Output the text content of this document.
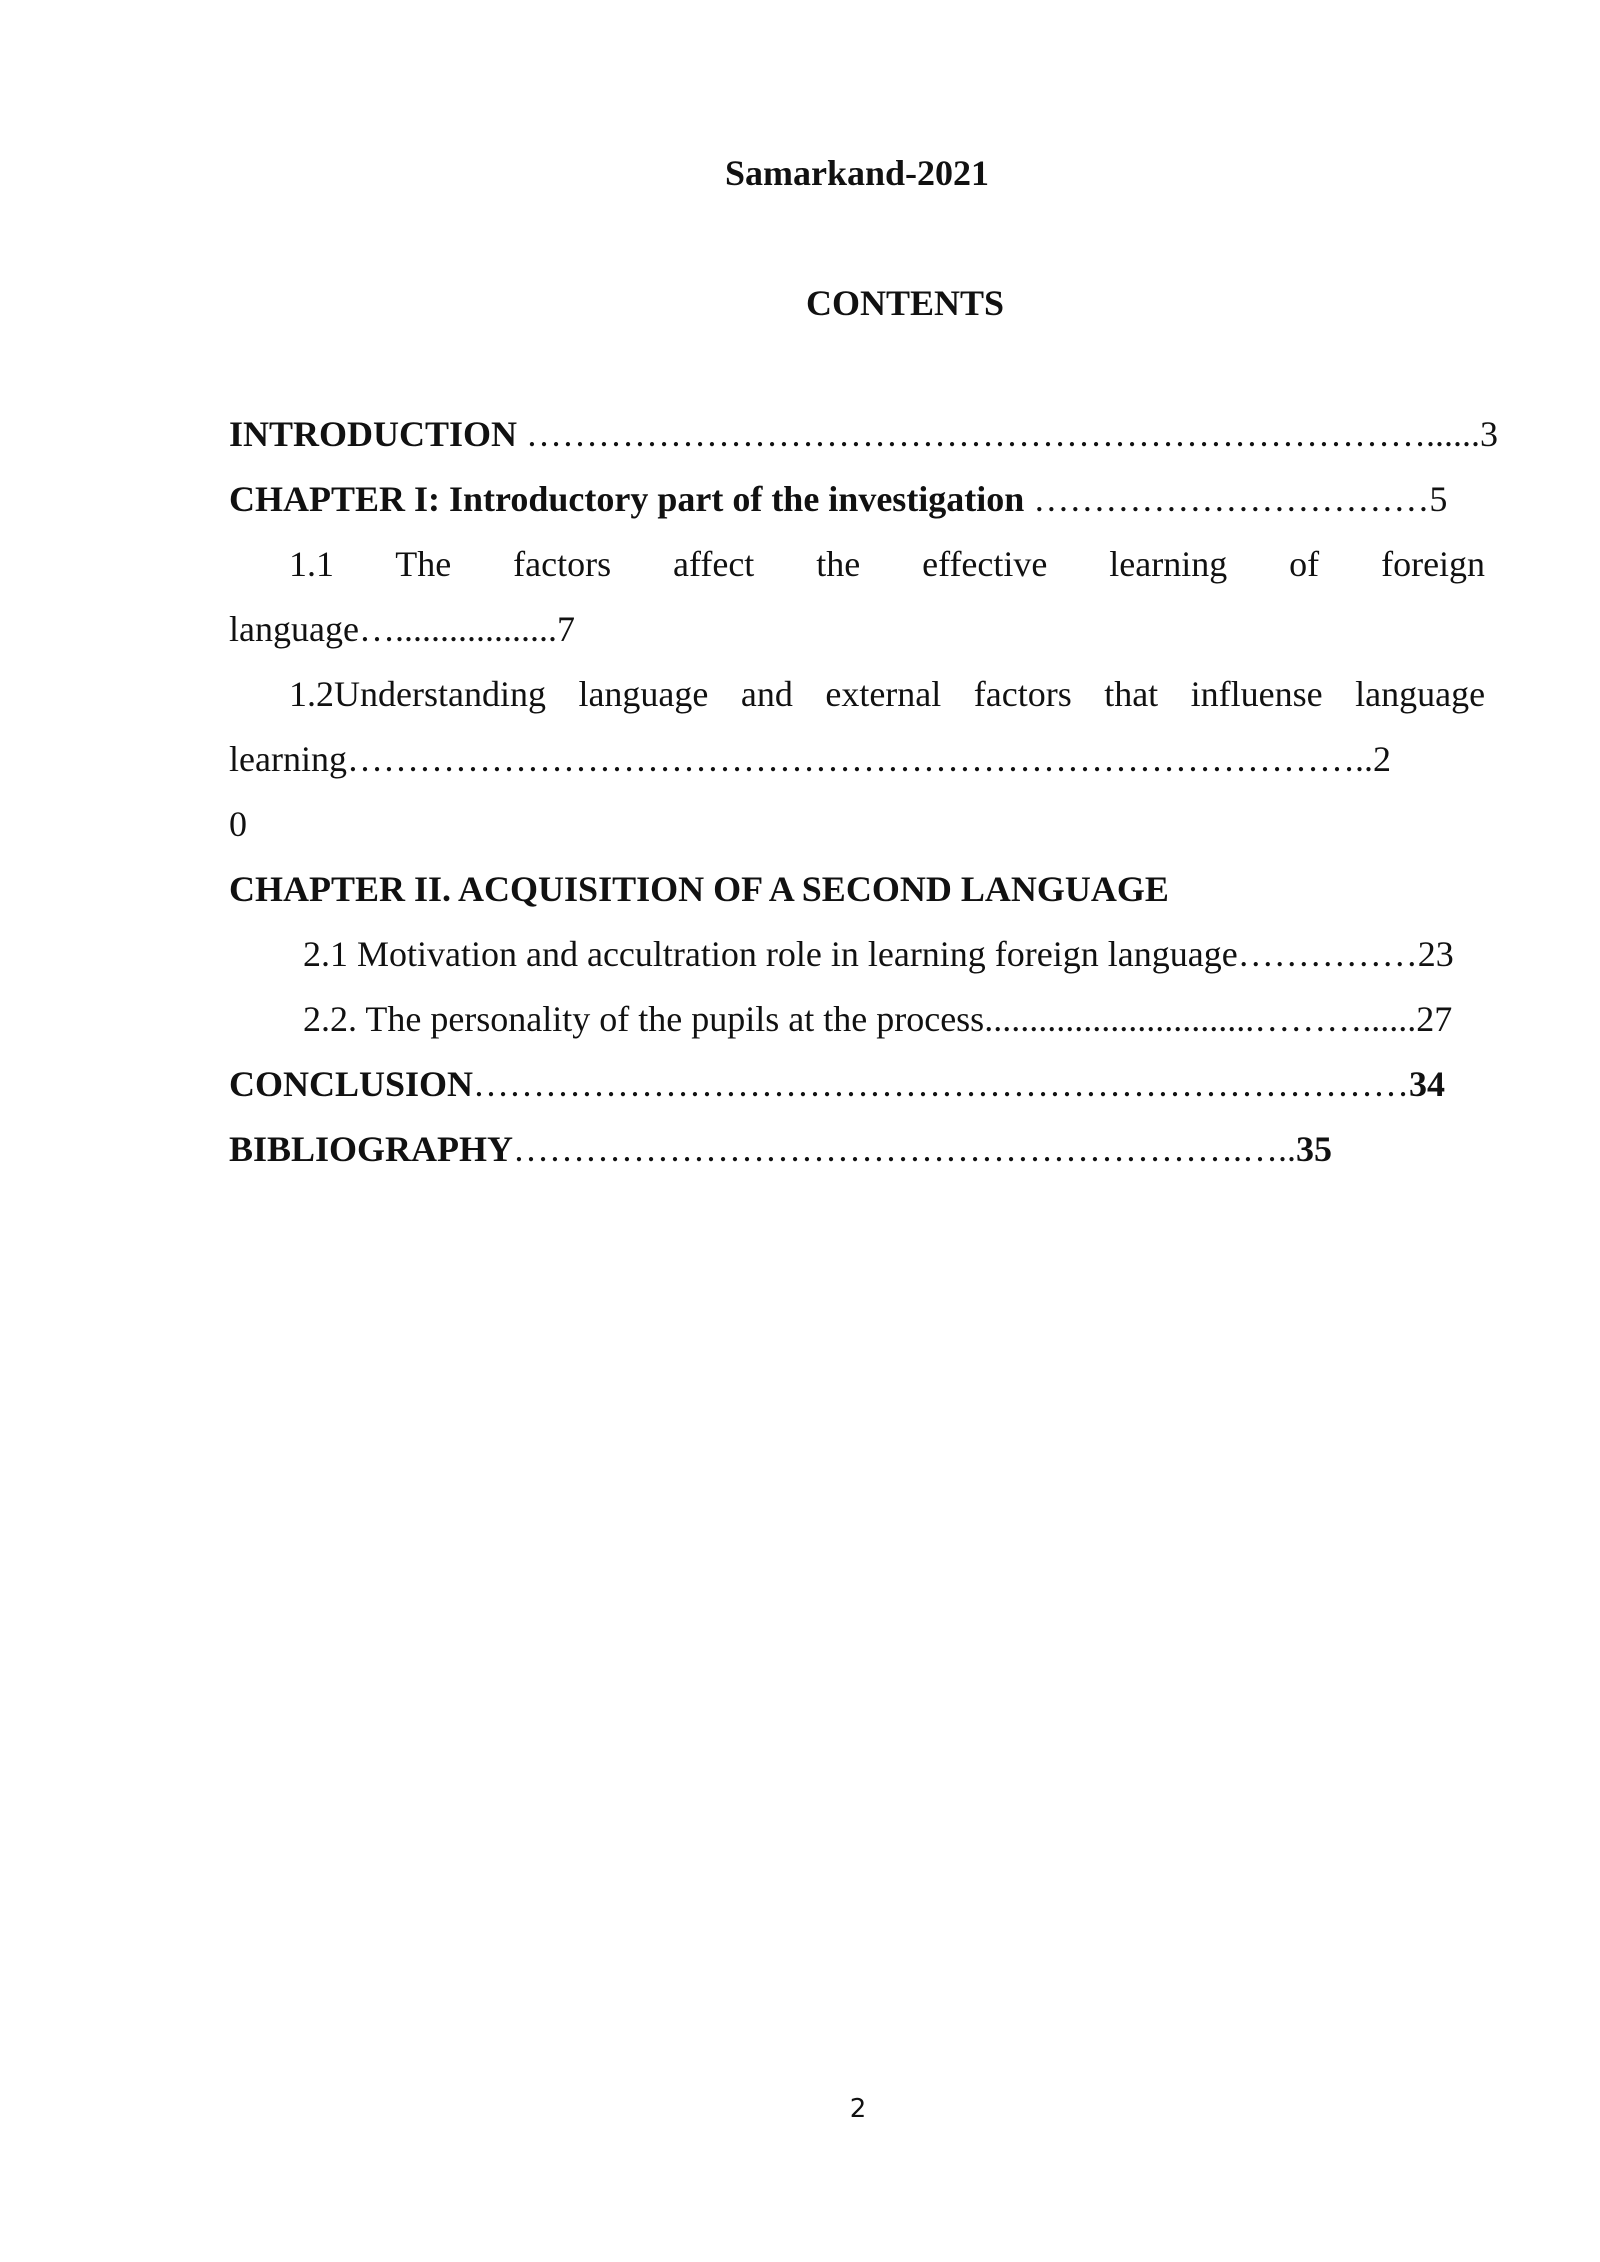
Samarkand-2021
CONTENTS
INTRODUCTION …………………………………………………………………......3
CHAPTER I: Introductory part of the investigation ……………………………5
1.1 The factors affect the effective learning of foreign
language…..................7
1.2Understanding language and external factors that influense language
learning…………………………………………………………………………..2
0
CHAPTER II. ACQUISITION OF A SECOND LANGUAGE
2.1 Motivation and accultration role in learning foreign language……………23
2.2. The personality of the pupils at the process..............................………......27
CONCLUSION……………………………………………………………………34
BIBLIOGRAPHY…………………………………………………….…..35
2
